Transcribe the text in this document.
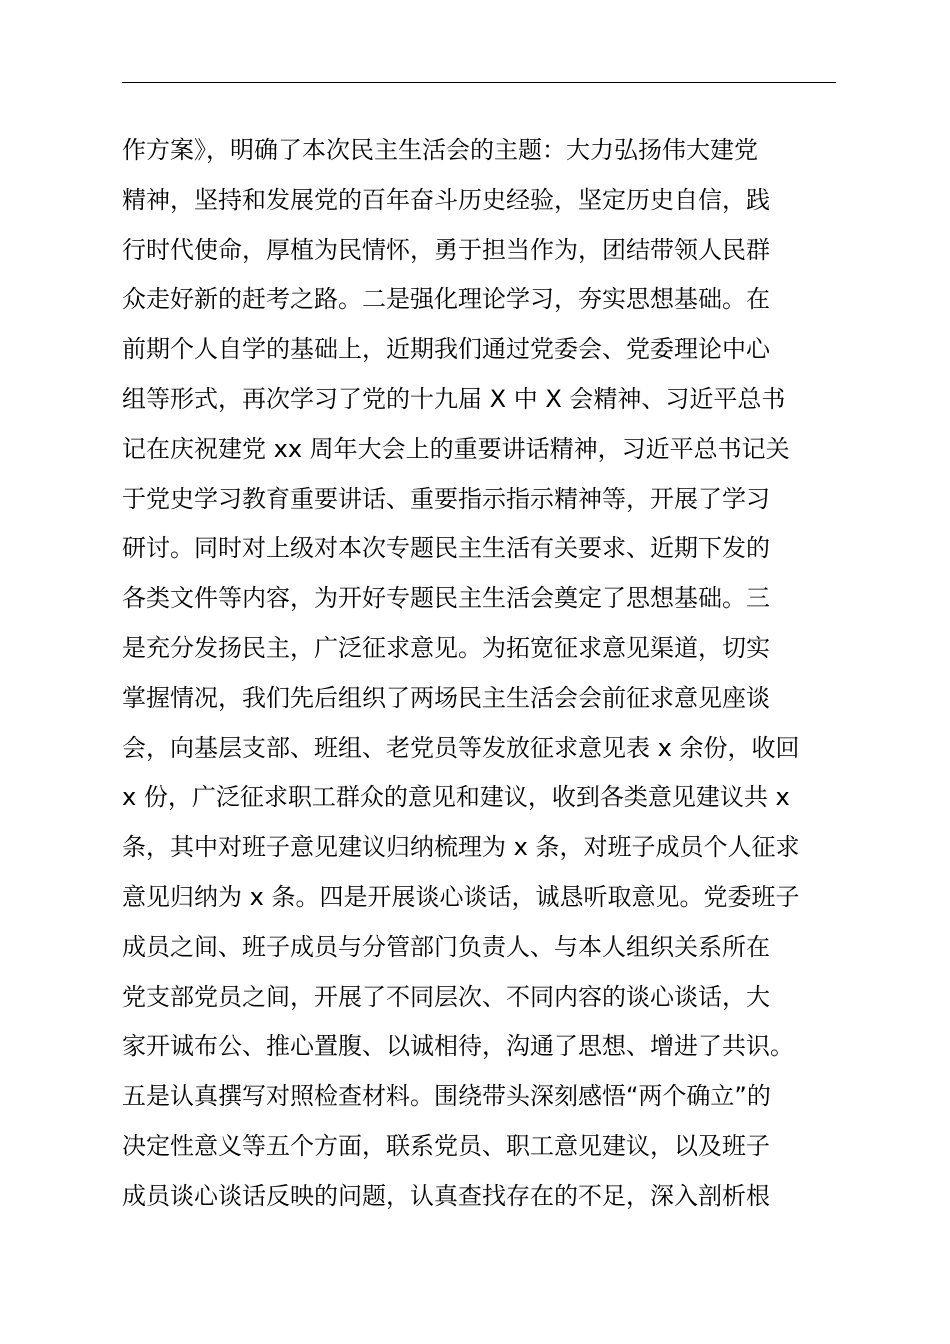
作方案》，明确了本次民主生活会的主题：大力弘扬伟大建党
精神，坚持和发展党的百年奋斗历史经验，坚定历史自信，践
行时代使命，厚植为民情怀，勇于担当作为，团结带领人民群
众走好新的赶考之路。二是强化理论学习，夯实思想基础。在
前期个人自学的基础上，近期我们通过党委会、党委理论中心
组等形式，再次学习了党的十九届 X 中 X 会精神、习近平总书
记在庆祝建党 xx 周年大会上的重要讲话精神，习近平总书记关
于党史学习教育重要讲话、重要指示指示精神等，开展了学习
研讨。同时对上级对本次专题民主生活有关要求、近期下发的
各类文件等内容，为开好专题民主生活会奠定了思想基础。三
是充分发扬民主，广泛征求意见。为拓宽征求意见渠道，切实
掌握情况，我们先后组织了两场民主生活会会前征求意见座谈
会，向基层支部、班组、老党员等发放征求意见表 x 余份，收回
x 份，广泛征求职工群众的意见和建议，收到各类意见建议共 x
条，其中对班子意见建议归纳梳理为 x 条，对班子成员个人征求
意见归纳为 x 条。四是开展谈心谈话，诚恳听取意见。党委班子
成员之间、班子成员与分管部门负责人、与本人组织关系所在
党支部党员之间，开展了不同层次、不同内容的谈心谈话，大
家开诚布公、推心置腹、以诚相待，沟通了思想、增进了共识。
五是认真撰写对照检查材料。围绕带头深刻感悟“两个确立”的
决定性意义等五个方面，联系党员、职工意见建议，以及班子
成员谈心谈话反映的问题，认真查找存在的不足，深入剖析根
